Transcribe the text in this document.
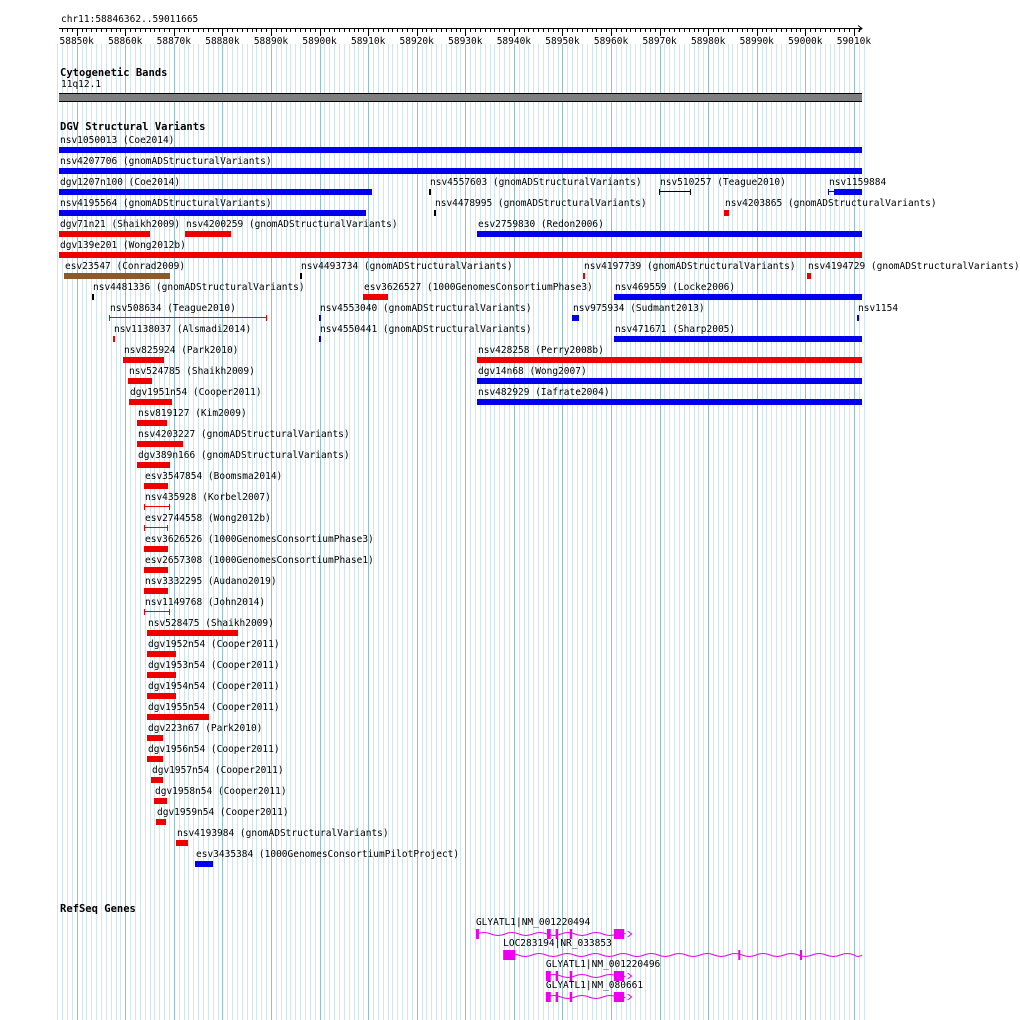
chr11:58846362..59011665
58850k 58860k 58870k 58880k 58890k 58900k 58910k 58920k 58930k 58940k 58950k 58960k 58970k 58980k 58990k 59000k 59010k
Cytogenetic Bands
11q12.1
DGV Structural Variants
nsv1050013 (Coe2014)
nsv4207706 (gnomADStructuralVariants)
dgv1207n100 (Coe2014)	nsv4557603 (gnomADStructuralVariants) nsv510257 (Teague2010)	nsv1159884
nsv4195564 (gnomADStructuralVariants)	nsv4478995 (gnomADStructuralVariants)	nsv4203865 (gnomADStructuralVariants)
dgv71n21 (Shaikh2009) nsv4200259 (gnomADStructuralVariants)	esv2759830 (Redon2006)
dgv139e201 (Wong2012b)
esv23547 (Conrad2009)	nsv4493734 (gnomADStructuralVariants)	nsv4197739 (gnomADStructuralVariants) nsv4194729 (gnomADStructuralVariants)
nsv4481336 (gnomADStructuralVariants)	esv3626527 (1000GenomesConsortiumPhase3) nsv469559 (Locke2006)
nsv508634 (Teague2010)	nsv4553040 (gnomADStructuralVariants)	nsv975934 (Sudmant2013)	nsv1154
nsv1138037 (Alsmadi2014)	nsv4550441 (gnomADStructuralVariants)	nsv471671 (Sharp2005)
nsv825924 (Park2010)	nsv428258 (Perry2008b)
nsv524785 (Shaikh2009)	dgv14n68 (Wong2007)
dgv1951n54 (Cooper2011)	nsv482929 (Iafrate2004)
nsv819127 (Kim2009)
nsv4203227 (gnomADStructuralVariants)
dgv389n166 (gnomADStructuralVariants)
esv3547854 (Boomsma2014)
nsv435928 (Korbel2007)
esv2744558 (Wong2012b)
esv3626526 (1000GenomesConsortiumPhase3)
esv2657308 (1000GenomesConsortiumPhase1)
nsv3332295 (Audano2019)
nsv1149768 (John2014)
nsv528475 (Shaikh2009)
dgv1952n54 (Cooper2011)
dgv1953n54 (Cooper2011)
dgv1954n54 (Cooper2011)
dgv1955n54 (Cooper2011)
dgv223n67 (Park2010)
dgv1956n54 (Cooper2011)
dgv1957n54 (Cooper2011)
dgv1958n54 (Cooper2011)
dgv1959n54 (Cooper2011)
nsv4193984 (gnomADStructuralVariants)
esv3435384 (1000GenomesConsortiumPilotProject)
RefSeq Genes
GLYATL1|NM_001220494
LOC283194|NR_033853
GLYATL1|NM_001220496
GLYATL1|NM_080661
